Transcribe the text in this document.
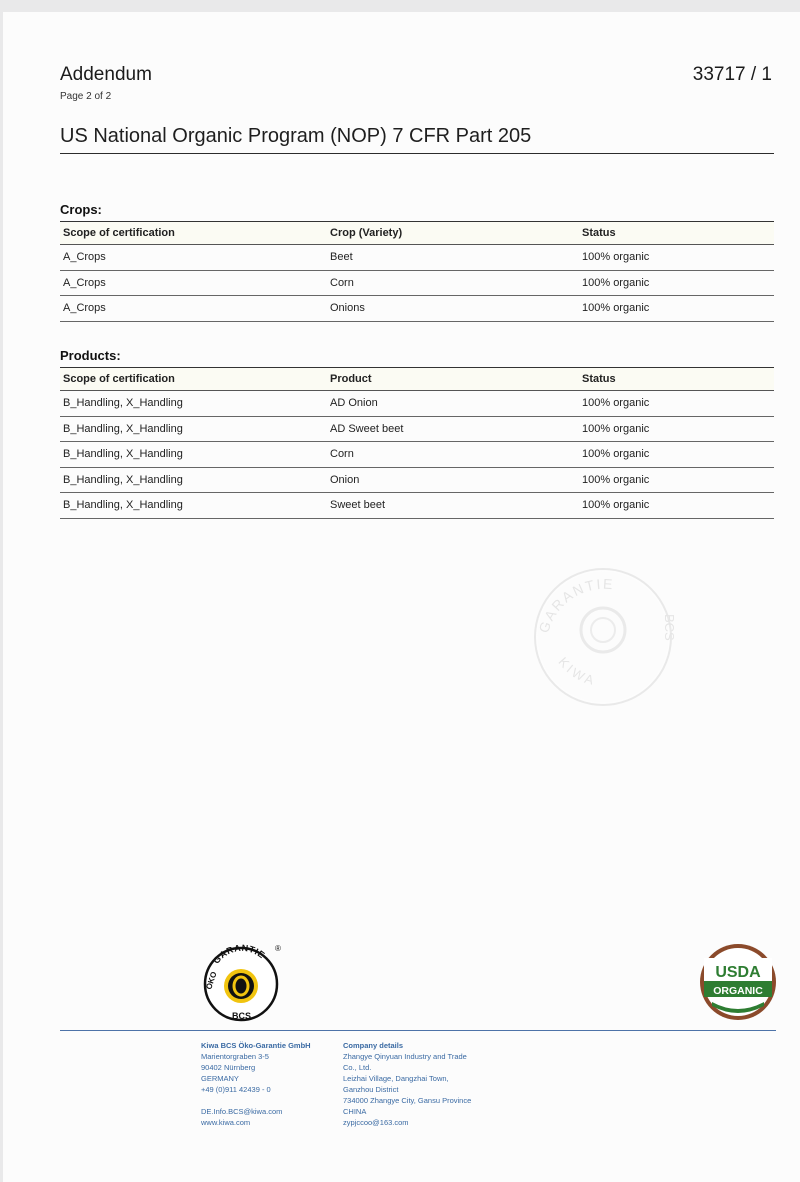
Addendum
Page 2 of 2
33717 / 1
US National Organic Program (NOP) 7 CFR Part 205
Crops:
Scope of certification	Crop (Variety)	Status
A_Crops	Beet	100% organic
A_Crops	Corn	100% organic
A_Crops	Onions	100% organic
Products:
Scope of certification	Product	Status
B_Handling, X_Handling	AD Onion	100% organic
B_Handling, X_Handling	AD Sweet beet	100% organic
B_Handling, X_Handling	Corn	100% organic
B_Handling, X_Handling	Onion	100% organic
B_Handling, X_Handling	Sweet beet	100% organic
GARANTIE
KIWA
BCS
GARANTIE
ÖKO
BCS
®
USDA
ORGANIC
Kiwa BCS Öko-Garantie GmbH
Marientorgraben 3-5
90402 Nürnberg
GERMANY
+49 (0)911 42439 - 0
DE.Info.BCS@kiwa.com
www.kiwa.com
Company details
Zhangye Qinyuan Industry and Trade
Co., Ltd.
Leizhai Village, Dangzhai Town,
Ganzhou District
734000 Zhangye City, Gansu Province
CHINA
zypjccoo@163.com
